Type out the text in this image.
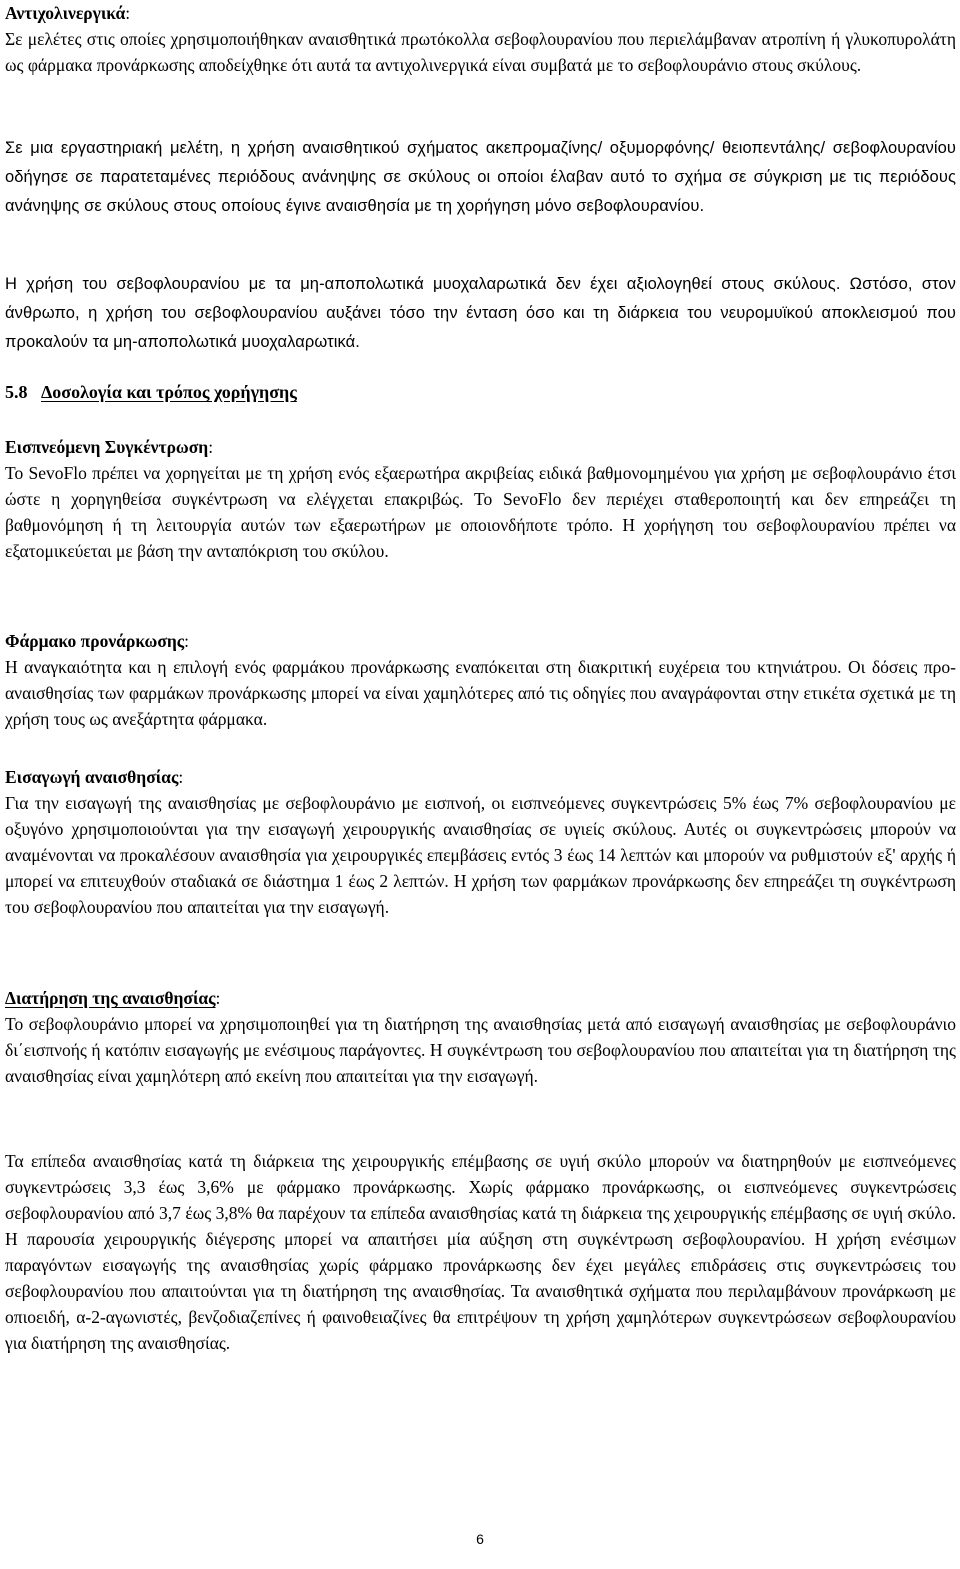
Αντιχολινεργικά:

Σε μελέτες στις οποίες χρησιμοποιήθηκαν αναισθητικά πρωτόκολλα σεβοφλουρανίου που περιελάμβαναν ατροπίνη ή γλυκοπυρολάτη ως φάρμακα προνάρκωσης αποδείχθηκε ότι αυτά τα αντιχολινεργικά είναι συμβατά με το σεβοφλουράνιο στους σκύλους.

Σε μια εργαστηριακή μελέτη, η χρήση αναισθητικού σχήματος ακεπρομαζίνης/ οξυμορφόνης/ θειοπεντάλης/ σεβοφλουρανίου οδήγησε σε παρατεταμένες περιόδους ανάνηψης σε σκύλους οι οποίοι έλαβαν αυτό το σχήμα σε σύγκριση με τις περιόδους ανάνηψης σε σκύλους στους οποίους έγινε αναισθησία με τη χορήγηση μόνο σεβοφλουρανίου.

Η χρήση του σεβοφλουρανίου με τα μη-αποπολωτικά μυοχαλαρωτικά δεν έχει αξιολογηθεί στους σκύλους. Ωστόσο, στον άνθρωπο, η χρήση του σεβοφλουρανίου αυξάνει τόσο την ένταση όσο και τη διάρκεια του νευρομυϊκού αποκλεισμού που προκαλούν τα μη-αποπολωτικά μυοχαλαρωτικά.

5.8 Δοσολογία και τρόπος χορήγησης

Εισπνεόμενη Συγκέντρωση:

Το SevoFlo πρέπει να χορηγείται με τη χρήση ενός εξαερωτήρα ακριβείας ειδικά βαθμονομημένου για χρήση με σεβοφλουράνιο έτσι ώστε η χορηγηθείσα συγκέντρωση να ελέγχεται επακριβώς. Το SevoFlo δεν περιέχει σταθεροποιητή και δεν επηρεάζει τη βαθμονόμηση ή τη λειτουργία αυτών των εξαερωτήρων με οποιονδήποτε τρόπο. Η χορήγηση του σεβοφλουρανίου πρέπει να εξατομικεύεται με βάση την ανταπόκριση του σκύλου.

Φάρμακο προνάρκωσης:

Η αναγκαιότητα και η επιλογή ενός φαρμάκου προνάρκωσης εναπόκειται στη διακριτική ευχέρεια του κτηνιάτρου. Οι δόσεις προ-αναισθησίας των φαρμάκων προνάρκωσης μπορεί να είναι χαμηλότερες από τις οδηγίες που αναγράφονται στην ετικέτα σχετικά με τη χρήση τους ως ανεξάρτητα φάρμακα.

Εισαγωγή αναισθησίας:

Για την εισαγωγή της αναισθησίας με σεβοφλουράνιο με εισπνοή, οι εισπνεόμενες συγκεντρώσεις 5% έως 7% σεβοφλουρανίου με οξυγόνο χρησιμοποιούνται για την εισαγωγή χειρουργικής αναισθησίας σε υγιείς σκύλους. Αυτές οι συγκεντρώσεις μπορούν να αναμένονται να προκαλέσουν αναισθησία για χειρουργικές επεμβάσεις εντός 3 έως 14 λεπτών και μπορούν να ρυθμιστούν εξ' αρχής ή μπορεί να επιτευχθούν σταδιακά σε διάστημα 1 έως 2 λεπτών. Η χρήση των φαρμάκων προνάρκωσης δεν επηρεάζει τη συγκέντρωση του σεβοφλουρανίου που απαιτείται για την εισαγωγή.

Διατήρηση της αναισθησίας:

Το σεβοφλουράνιο μπορεί να χρησιμοποιηθεί για τη διατήρηση της αναισθησίας μετά από εισαγωγή αναισθησίας με σεβοφλουράνιο δι΄εισπνοής ή κατόπιν εισαγωγής με ενέσιμους παράγοντες. Η συγκέντρωση του σεβοφλουρανίου που απαιτείται για τη διατήρηση της αναισθησίας είναι χαμηλότερη από εκείνη που απαιτείται για την εισαγωγή.

Τα επίπεδα αναισθησίας κατά τη διάρκεια της χειρουργικής επέμβασης σε υγιή σκύλο μπορούν να διατηρηθούν με εισπνεόμενες συγκεντρώσεις 3,3 έως 3,6% με φάρμακο προνάρκωσης. Χωρίς φάρμακο προνάρκωσης, οι εισπνεόμενες συγκεντρώσεις σεβοφλουρανίου από 3,7 έως 3,8% θα παρέχουν τα επίπεδα αναισθησίας κατά τη διάρκεια της χειρουργικής επέμβασης σε υγιή σκύλο. Η παρουσία χειρουργικής διέγερσης μπορεί να απαιτήσει μία αύξηση στη συγκέντρωση σεβοφλουρανίου. Η χρήση ενέσιμων παραγόντων εισαγωγής της αναισθησίας χωρίς φάρμακο προνάρκωσης δεν έχει μεγάλες επιδράσεις στις συγκεντρώσεις του σεβοφλουρανίου που απαιτούνται για τη διατήρηση της αναισθησίας. Τα αναισθητικά σχήματα που περιλαμβάνουν προνάρκωση με οπιοειδή, α-2-αγωνιστές, βενζοδιαζεπίνες ή φαινοθειαζίνες θα επιτρέψουν τη χρήση χαμηλότερων συγκεντρώσεων σεβοφλουρανίου για διατήρηση της αναισθησίας.

6
